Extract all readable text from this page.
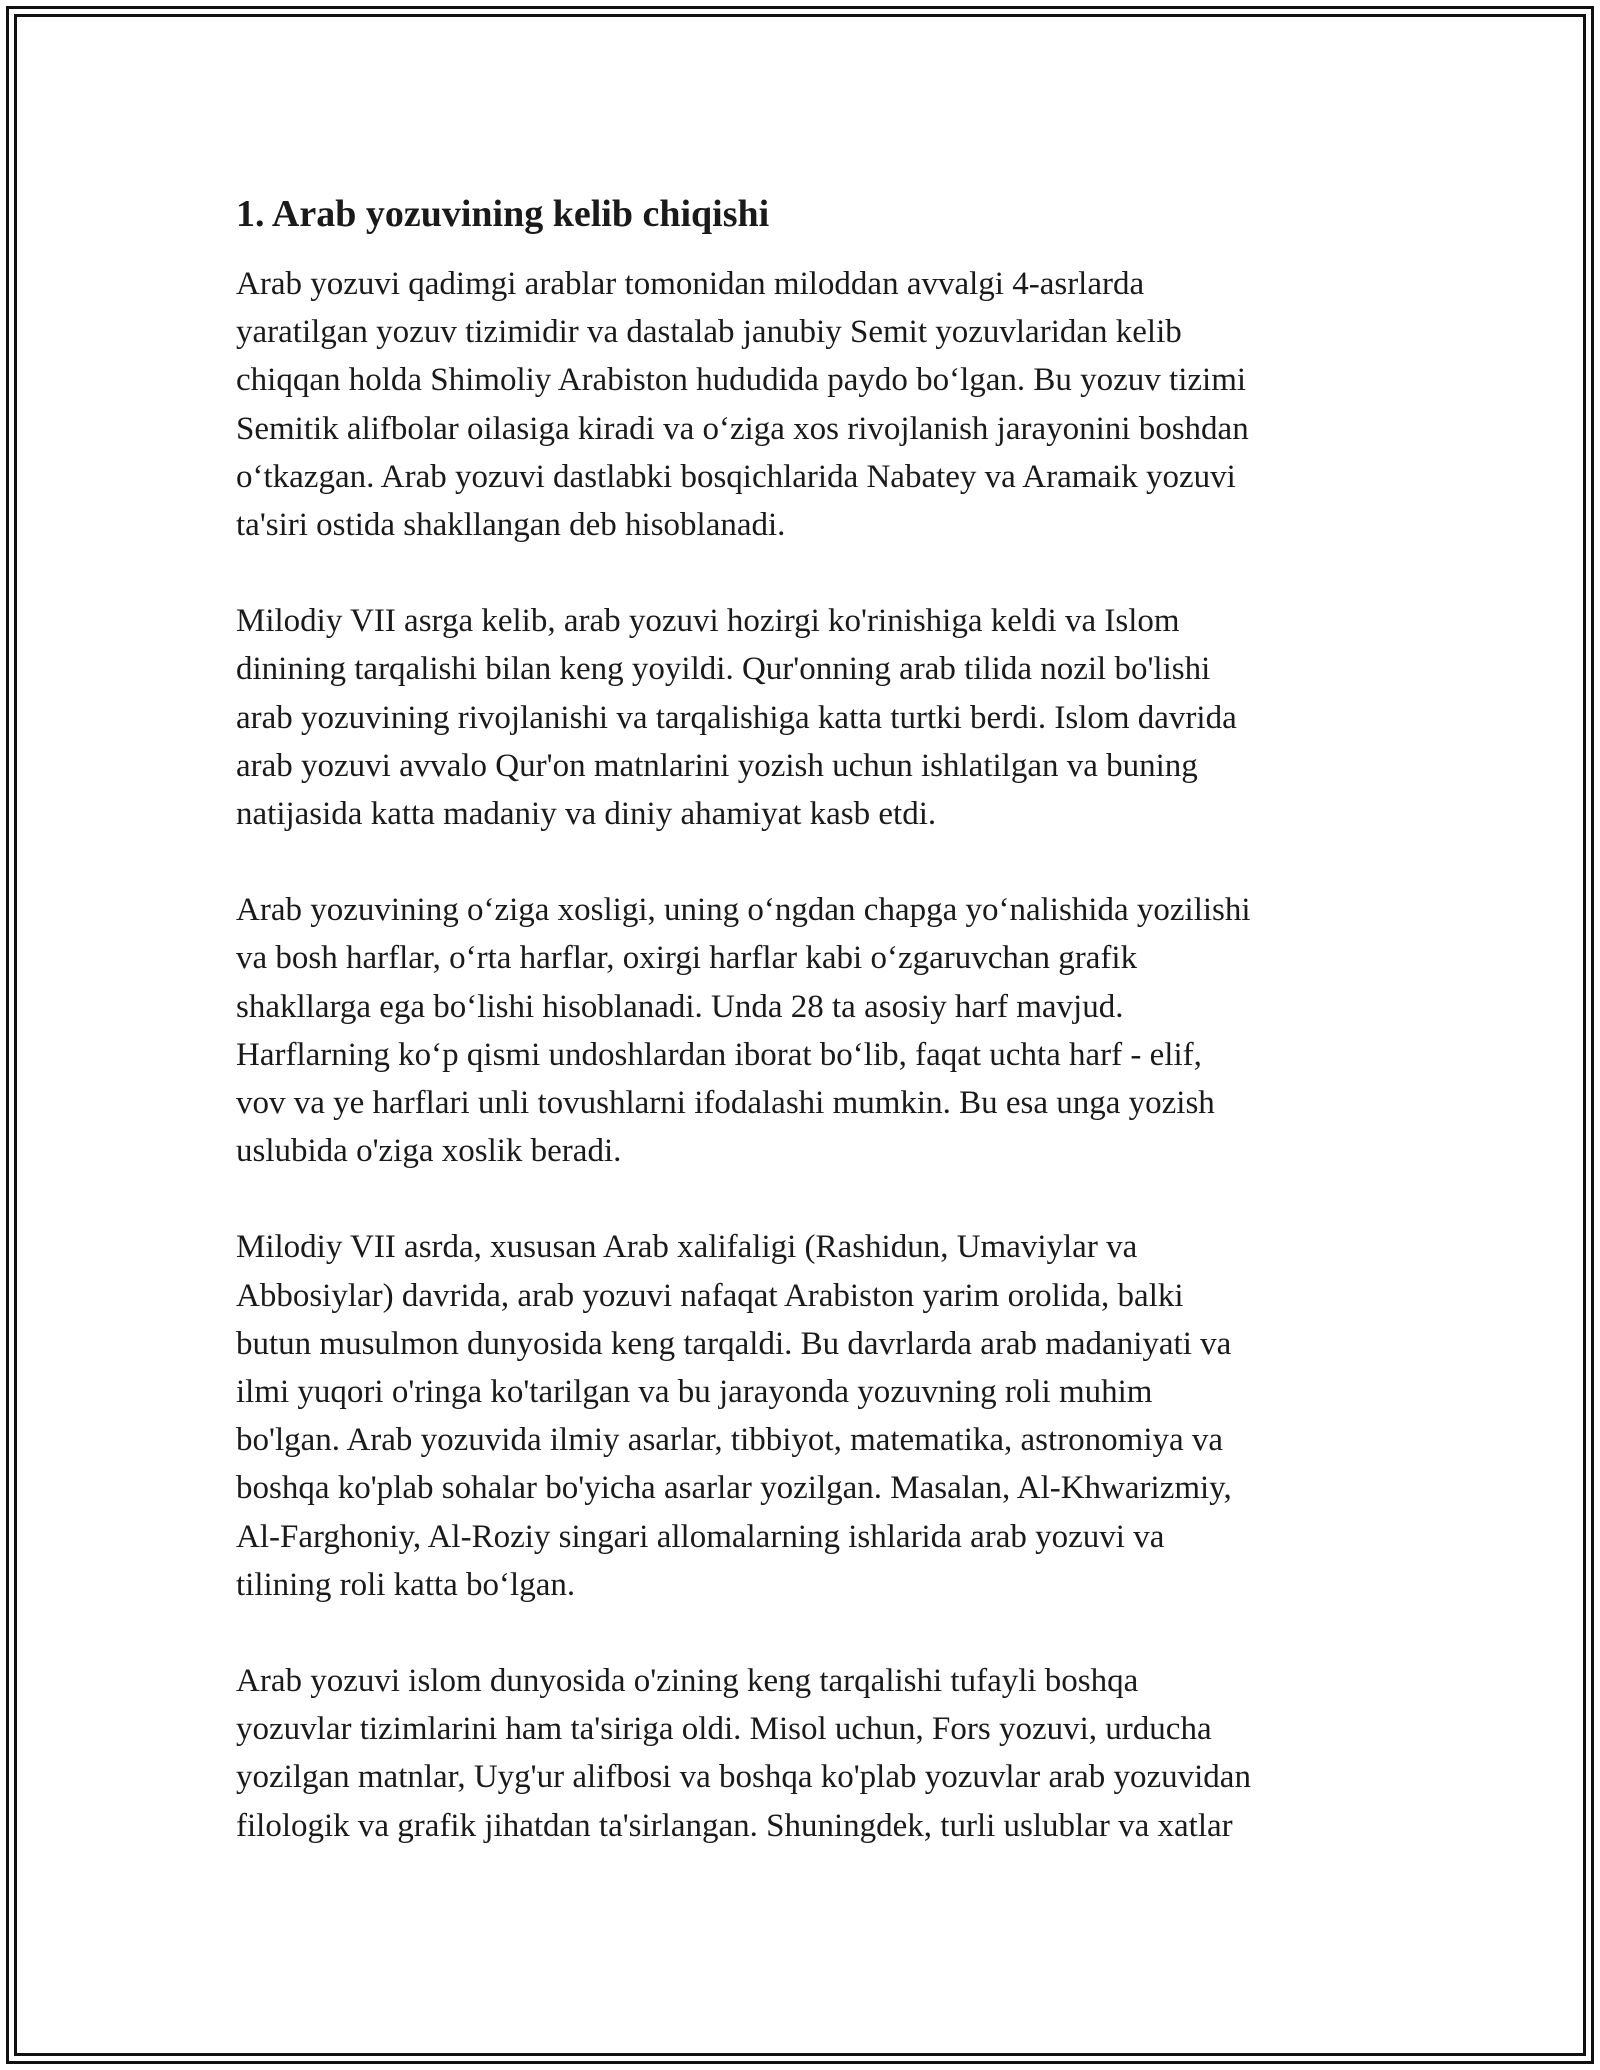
1. Arab yozuvining kelib chiqishi

Arab yozuvi qadimgi arablar tomonidan miloddan avvalgi 4-asrlarda
yaratilgan yozuv tizimidir va dastalab janubiy Semit yozuvlaridan kelib
chiqqan holda Shimoliy Arabiston hududida paydo boʻlgan. Bu yozuv tizimi
Semitik alifbolar oilasiga kiradi va oʻziga xos rivojlanish jarayonini boshdan
oʻtkazgan. Arab yozuvi dastlabki bosqichlarida Nabatey va Aramaik yozuvi
ta'siri ostida shakllangan deb hisoblanadi.

Milodiy VII asrga kelib, arab yozuvi hozirgi ko'rinishiga keldi va Islom
dinining tarqalishi bilan keng yoyildi. Qur'onning arab tilida nozil bo'lishi
arab yozuvining rivojlanishi va tarqalishiga katta turtki berdi. Islom davrida
arab yozuvi avvalo Qur'on matnlarini yozish uchun ishlatilgan va buning
natijasida katta madaniy va diniy ahamiyat kasb etdi.

Arab yozuvining oʻziga xosligi, uning oʻngdan chapga yoʻnalishida yozilishi
va bosh harflar, oʻrta harflar, oxirgi harflar kabi oʻzgaruvchan grafik
shakllarga ega boʻlishi hisoblanadi. Unda 28 ta asosiy harf mavjud.
Harflarning koʻp qismi undoshlardan iborat boʻlib, faqat uchta harf - elif,
vov va ye harflari unli tovushlarni ifodalashi mumkin. Bu esa unga yozish
uslubida o'ziga xoslik beradi.

Milodiy VII asrda, xususan Arab xalifaligi (Rashidun, Umaviylar va
Abbosiylar) davrida, arab yozuvi nafaqat Arabiston yarim orolida, balki
butun musulmon dunyosida keng tarqaldi. Bu davrlarda arab madaniyati va
ilmi yuqori o'ringa ko'tarilgan va bu jarayonda yozuvning roli muhim
bo'lgan. Arab yozuvida ilmiy asarlar, tibbiyot, matematika, astronomiya va
boshqa ko'plab sohalar bo'yicha asarlar yozilgan. Masalan, Al-Khwarizmiy,
Al-Farghoniy, Al-Roziy singari allomalarning ishlarida arab yozuvi va
tilining roli katta boʻlgan.

Arab yozuvi islom dunyosida o'zining keng tarqalishi tufayli boshqa
yozuvlar tizimlarini ham ta'siriga oldi. Misol uchun, Fors yozuvi, urducha
yozilgan matnlar, Uyg'ur alifbosi va boshqa ko'plab yozuvlar arab yozuvidan
filologik va grafik jihatdan ta'sirlangan. Shuningdek, turli uslublar va xatlar
